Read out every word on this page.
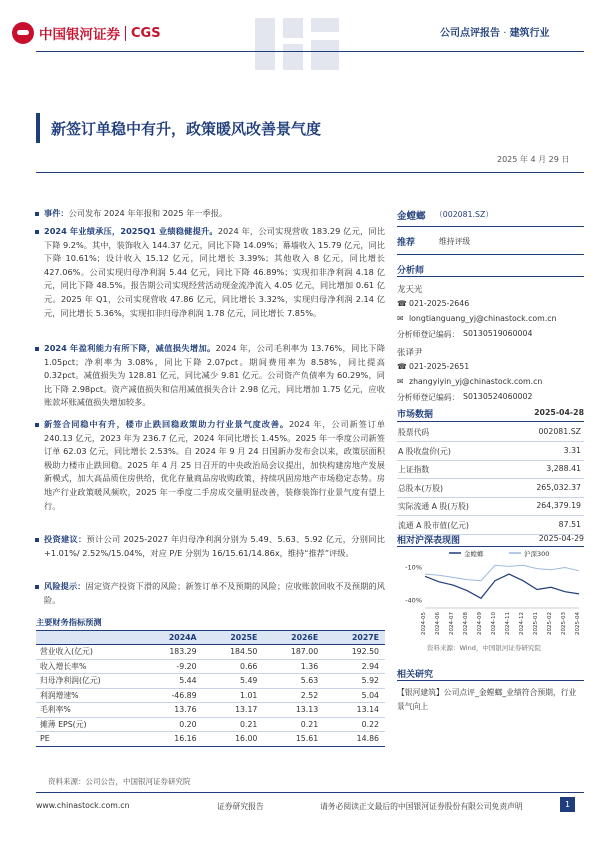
中国银河证券 CGS	公司点评报告 · 建筑行业
新签订单稳中有升，政策暖风改善景气度
2025 年 4 月 29 日
事件：公司发布 2024 年年报和 2025 年一季报。
2024 年业绩承压，2025Q1 业绩稳健提升。2024 年，公司实现营收 183.29 亿元，同比下降 9.2%。其中，装饰收入 144.37 亿元，同比下降 14.09%；幕墙收入 15.79 亿元，同比下降 10.61%；设计收入 15.12 亿元，同比增长 3.39%；其他收入 8 亿元，同比增长 427.06%。公司实现归母净利润 5.44 亿元，同比下降 46.89%；实现扣非净利润 4.18 亿元，同比下降 48.5%。报告期公司实现经营活动现金流净流入 4.05 亿元，同比增加 0.61 亿元。2025 年 Q1，公司实现营收 47.86 亿元，同比增长 3.32%，实现归母净利润 2.14 亿元，同比增长 5.36%，实现扣非归母净利润 1.78 亿元，同比增长 7.85%。
2024 年盈利能力有所下降，减值损失增加。2024 年，公司毛利率为 13.76%，同比下降 1.05pct；净利率为 3.08%，同比下降 2.07pct。期间费用率为 8.58%，同比提高 0.32pct。减值损失为 128.81 亿元，同比减少 9.81 亿元。公司资产负债率为 60.29%，同比下降 2.98pct。资产减值损失和信用减值损失合计 2.98 亿元，同比增加 1.75 亿元，应收账款坏账减值损失增加较多。
新签合同稳中有升，楼市止跌回稳政策助力行业景气度改善。2024 年，公司新签订单 240.13 亿元，2023 年为 236.7 亿元，2024 年同比增长 1.45%。2025 年一季度公司新签订单 62.03 亿元，同比增长 2.53%。自 2024 年 9 月 24 日国新办发布会以来，政策层面积极助力楼市止跌回稳。2025 年 4 月 25 日召开的中央政治局会议提出，加快构建房地产发展新模式，加大高品质住房供给，优化存量商品房收购政策，持续巩固房地产市场稳定态势。房地产行业政策暖风频吹，2025 年一季度二手房成交量明显改善，装修装饰行业景气度有望上行。
投资建议：预计公司 2025-2027 年归母净利润分别为 5.49、5.63、5.92 亿元，分别同比+1.01%/ 2.52%/15.04%，对应 P/E 分别为 16/15.61/14.86x，维持“推荐”评级。
风险提示：固定资产投资下滑的风险；新签订单不及预期的风险；应收账款回收不及预期的风险。
主要财务指标预测
	2024A	2025E	2026E	2027E
营业收入(亿元)	183.29	184.50	187.00	192.50
收入增长率%	-9.20	0.66	1.36	2.94
归母净利润(亿元)	5.44	5.49	5.63	5.92
利润增速%	-46.89	1.01	2.52	5.04
毛利率%	13.76	13.17	13.13	13.14
摊薄 EPS(元)	0.20	0.21	0.21	0.22
PE	16.16	16.00	15.61	14.86
资料来源：公司公告，中国银河证券研究院
金螳螂 （002081.SZ）
推荐	维持评级
分析师
龙天光
☎ 021-2025-2646
✉ longtianguang_yj@chinastock.com.cn
分析师登记编码： S0130519060004
张译尹
☎ 021-2025-2651
✉ zhangyiyin_yj@chinastock.com.cn
分析师登记编码： S0130524060002
市场数据	2025-04-28
股票代码	002081.SZ
A 股收盘价(元)	3.31
上证指数	3,288.41
总股本(万股)	265,032.37
实际流通 A 股(万股)	264,379.19
流通 A 股市值(亿元)	87.51
相对沪深表现图	2025-04-29
金螳螂	沪深300
-10%
-40%
2024-05 2024-06 2024-07 2024-08 2024-09 2024-10 2024-11 2024-12 2025-01 2025-02 2025-03 2025-04
资料来源：Wind，中国银河证券研究院
相关研究
【银河建筑】公司点评_金螳螂_业绩符合预期，行业
景气向上
www.chinastock.com.cn	证券研究报告	请务必阅读正文最后的中国银河证券股份有限公司免责声明	1
